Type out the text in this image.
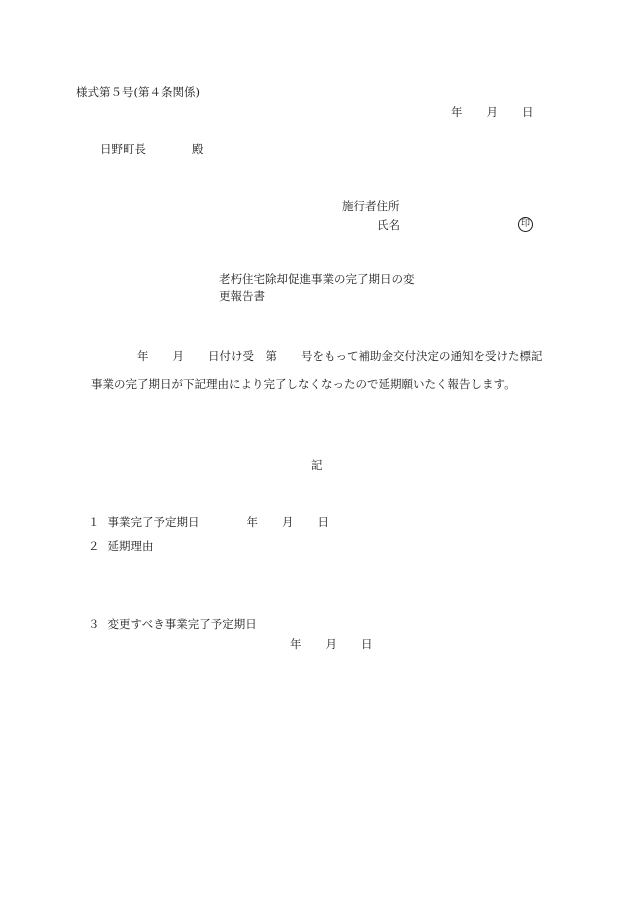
様式第５号(第４条関係)
年 月 日
日野町長	殿
施行者住所
氏名	印
老朽住宅除却促進事業の完了期日の変
更報告書
年 月 日付け受　第 号をもって補助金交付決定の通知を受けた標記
事業の完了期日が下記理由により完了しなくなったので延期願いたく報告します。
記
１ 事業完了予定期日	年 月 日
２ 延期理由
３ 変更すべき事業完了予定期日
年 月 日
